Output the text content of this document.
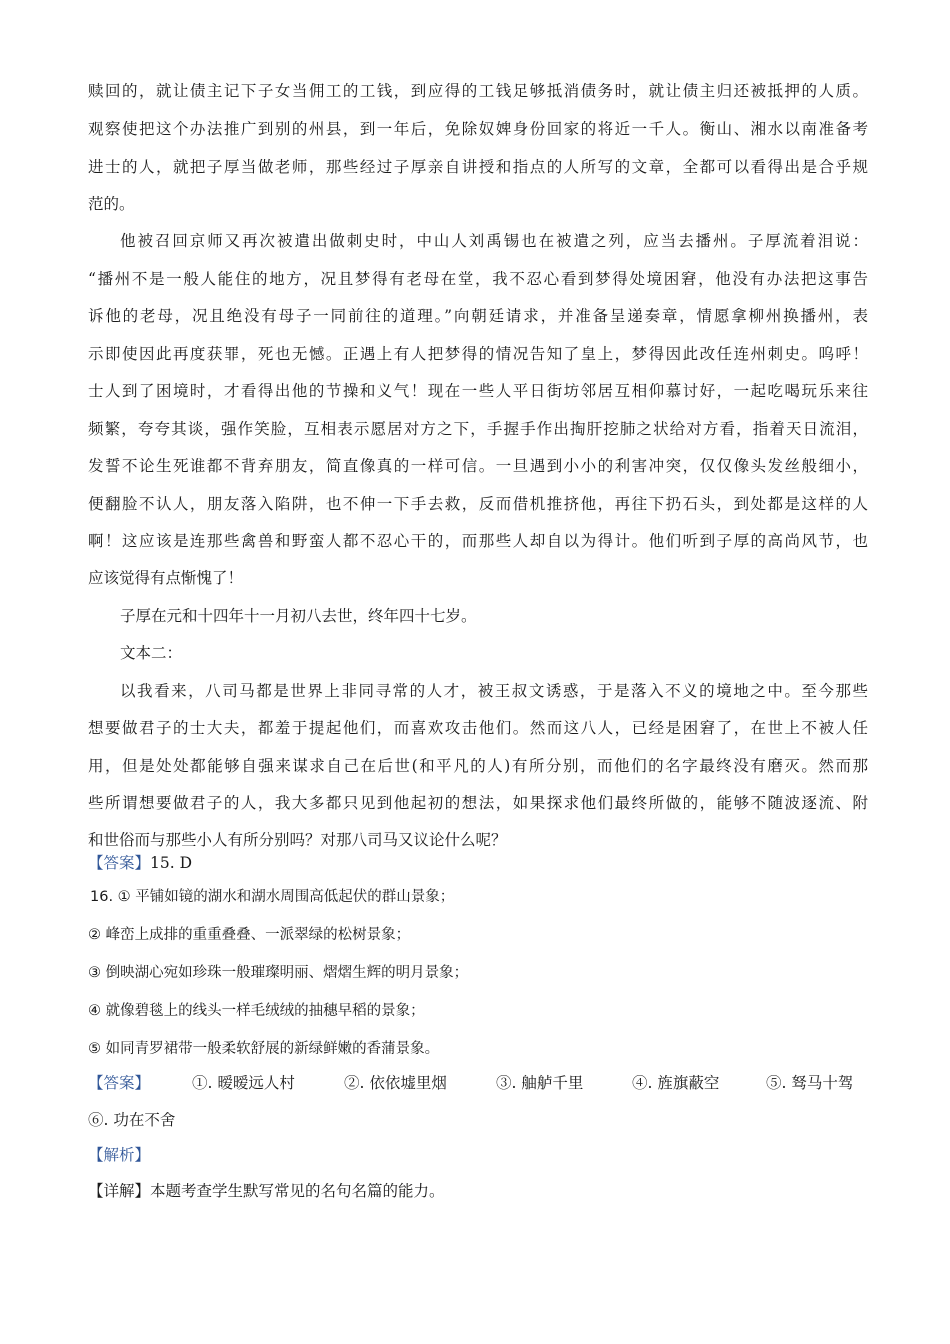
赎回的，就让债主记下子女当佣工的工钱，到应得的工钱足够抵消债务时，就让债主归还被抵押的人质。
观察使把这个办法推广到别的州县，到一年后，免除奴婢身份回家的将近一千人。衡山、湘水以南准备考
进士的人，就把子厚当做老师，那些经过子厚亲自讲授和指点的人所写的文章，全都可以看得出是合乎规
范的。
他被召回京师又再次被遣出做刺史时，中山人刘禹锡也在被遣之列，应当去播州。子厚流着泪说：
“播州不是一般人能住的地方，况且梦得有老母在堂，我不忍心看到梦得处境困窘，他没有办法把这事告
诉他的老母，况且绝没有母子一同前往的道理。”向朝廷请求，并准备呈递奏章，情愿拿柳州换播州，表
示即使因此再度获罪，死也无憾。正遇上有人把梦得的情况告知了皇上，梦得因此改任连州刺史。呜呼！
士人到了困境时，才看得出他的节操和义气！现在一些人平日街坊邻居互相仰慕讨好，一起吃喝玩乐来往
频繁，夸夸其谈，强作笑脸，互相表示愿居对方之下，手握手作出掏肝挖肺之状给对方看，指着天日流泪，
发誓不论生死谁都不背弃朋友，简直像真的一样可信。一旦遇到小小的利害冲突，仅仅像头发丝般细小，
便翻脸不认人，朋友落入陷阱，也不伸一下手去救，反而借机推挤他，再往下扔石头，到处都是这样的人
啊！这应该是连那些禽兽和野蛮人都不忍心干的，而那些人却自以为得计。他们听到子厚的高尚风节，也
应该觉得有点惭愧了！
子厚在元和十四年十一月初八去世，终年四十七岁。
文本二：
以我看来，八司马都是世界上非同寻常的人才，被王叔文诱惑，于是落入不义的境地之中。至今那些
想要做君子的士大夫，都羞于提起他们，而喜欢攻击他们。然而这八人，已经是困窘了，在世上不被人任
用，但是处处都能够自强来谋求自己在后世(和平凡的人)有所分别，而他们的名字最终没有磨灭。然而那
些所谓想要做君子的人，我大多都只见到他起初的想法，如果探求他们最终所做的，能够不随波逐流、附
和世俗而与那些小人有所分别吗？对那八司马又议论什么呢？
【答案】15. D
16. ① 平铺如镜的湖水和湖水周围高低起伏的群山景象；
② 峰峦上成排的重重叠叠、一派翠绿的松树景象；
③ 倒映湖心宛如珍珠一般璀璨明丽、熠熠生辉的明月景象；
④ 就像碧毯上的线头一样毛绒绒的抽穗早稻的景象；
⑤ 如同青罗裙带一般柔软舒展的新绿鲜嫩的香蒲景象。
【答案】	①. 暧暧远人村	②. 依依墟里烟	③. 舳舻千里	④. 旌旗蔽空	⑤. 驽马十驾
⑥. 功在不舍
【解析】
【详解】本题考查学生默写常见的名句名篇的能力。
